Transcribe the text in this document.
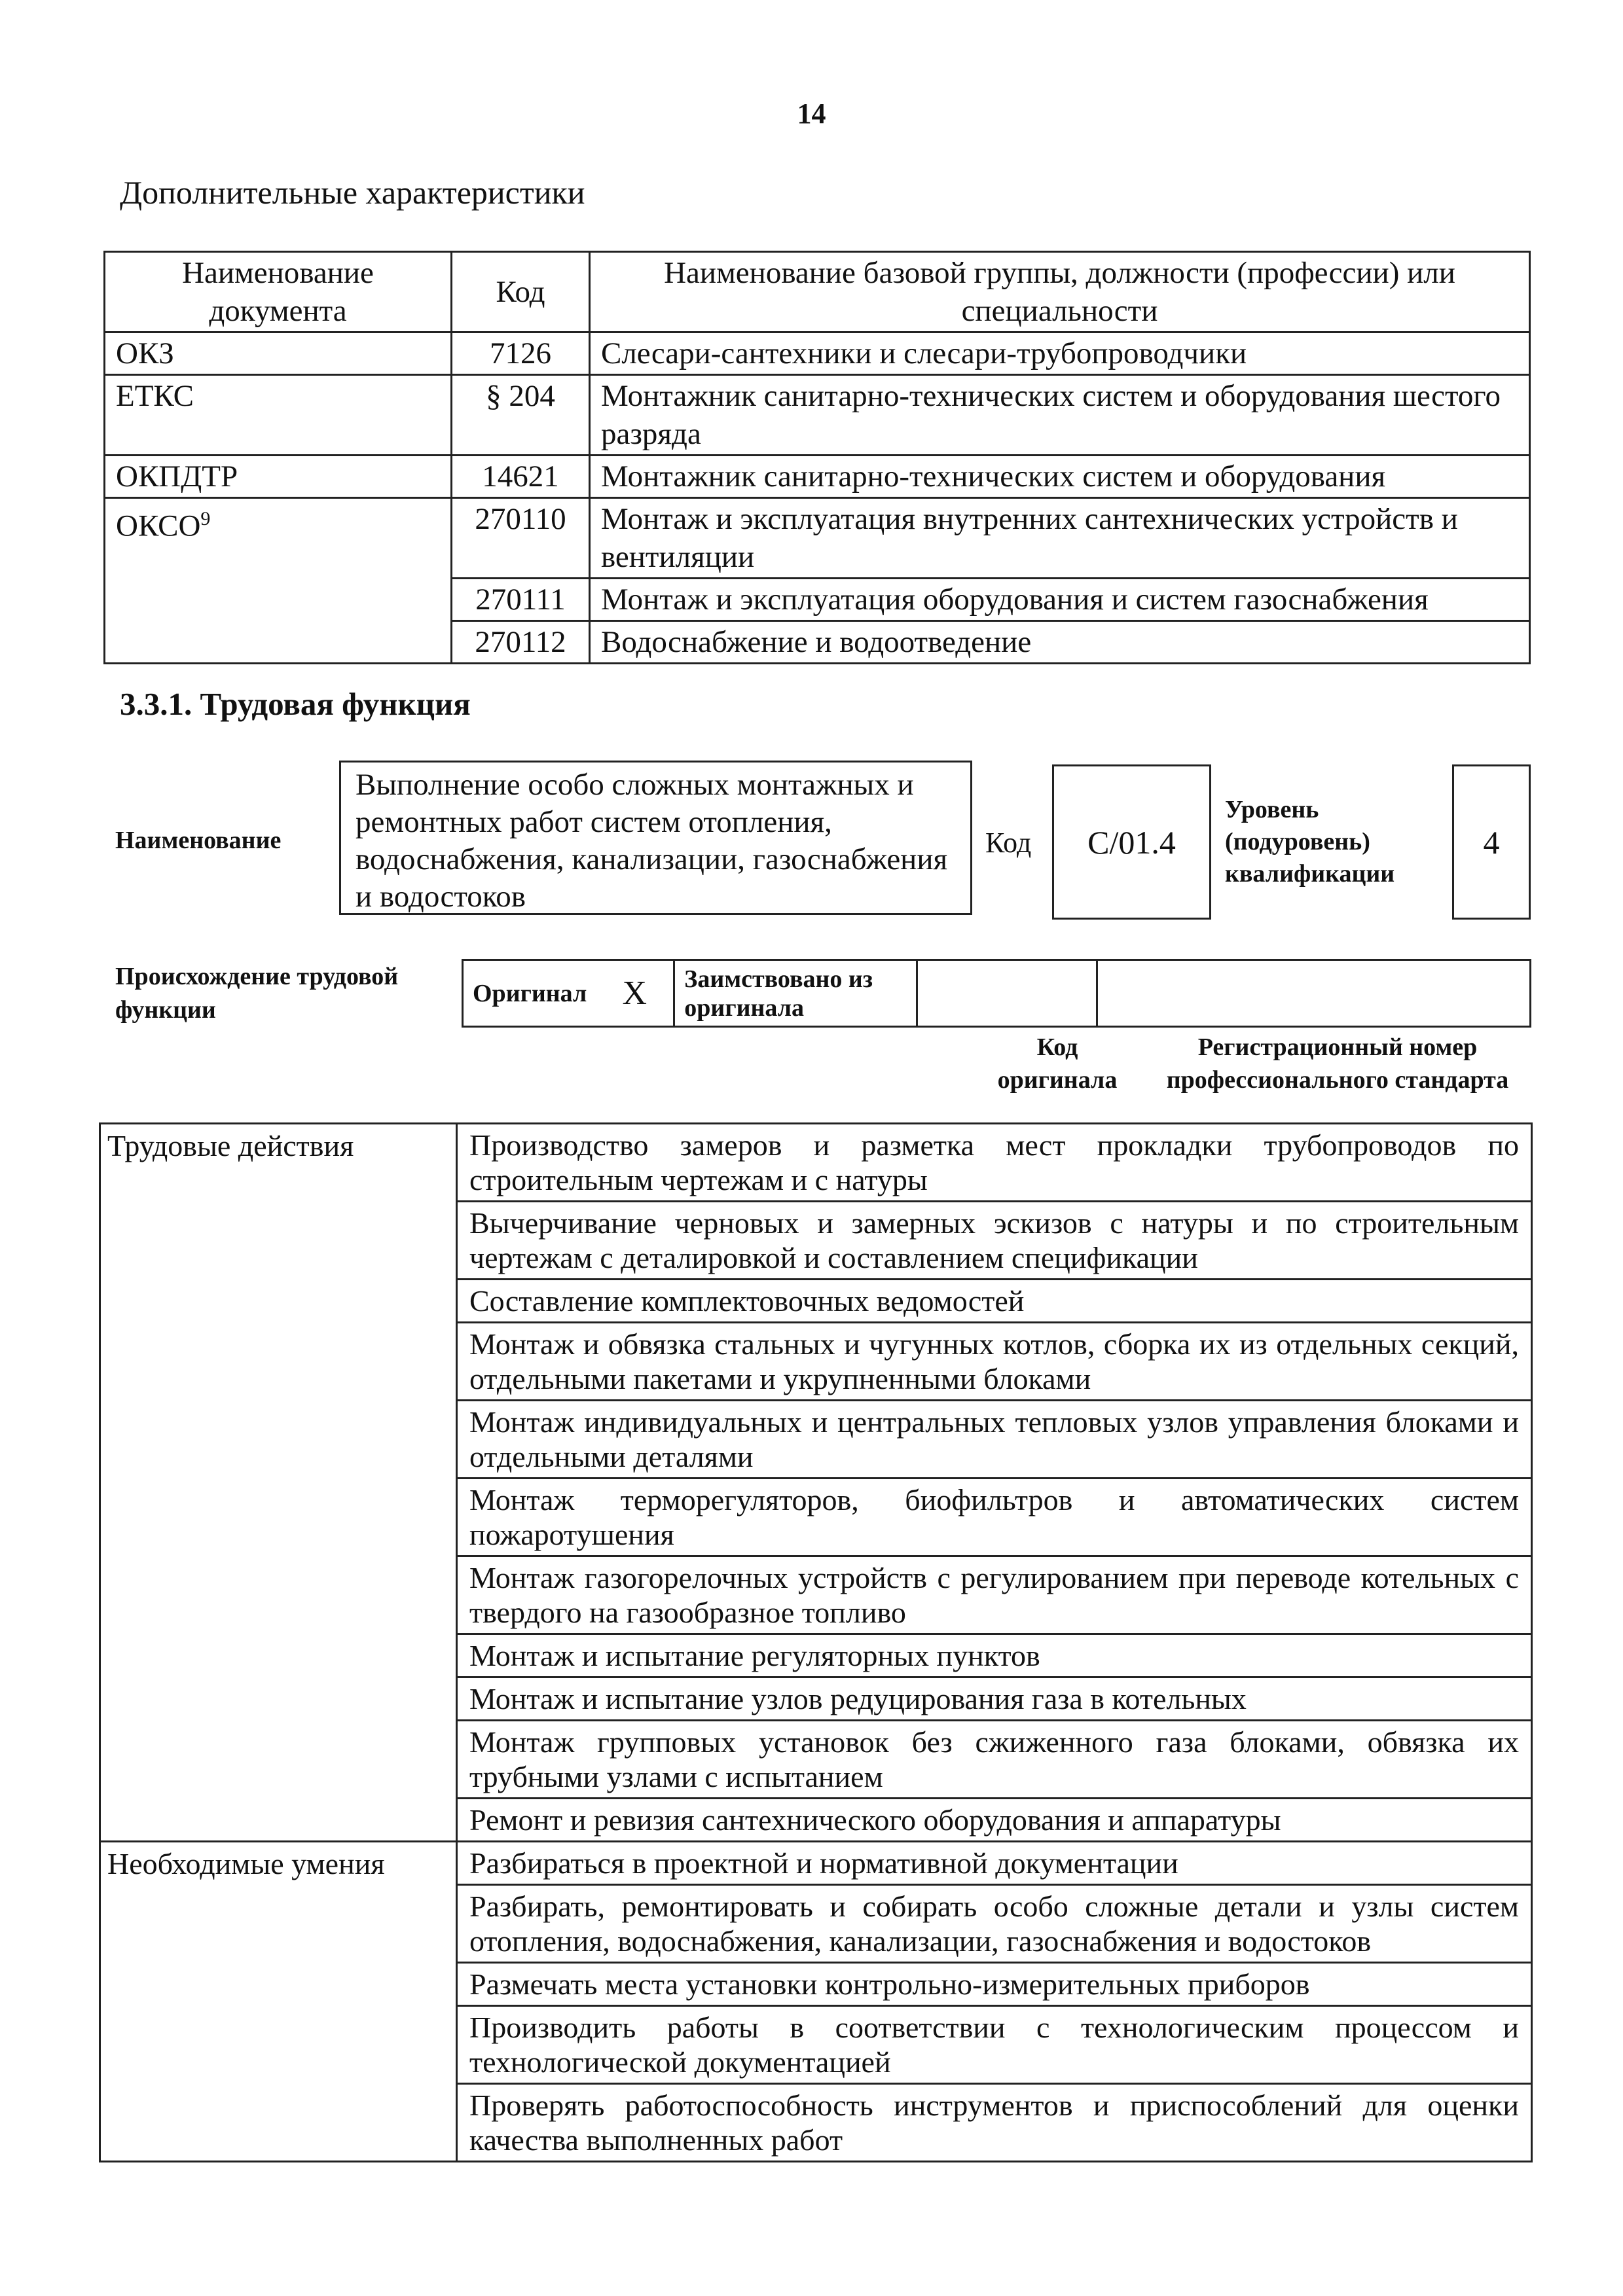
14
Дополнительные характеристики
Наименование документа	Код	Наименование базовой группы, должности (профессии) или специальности
ОКЗ	7126	Слесари-сантехники и слесари-трубопроводчики
ЕТКС	§ 204	Монтажник санитарно-технических систем и оборудования шестого разряда
ОКПДТР	14621	Монтажник санитарно-технических систем и оборудования
ОКСО$^9$	270110	Монтаж и эксплуатация внутренних сантехнических устройств и вентиляции
	270111	Монтаж и эксплуатация оборудования и систем газоснабжения
	270112	Водоснабжение и водоотведение
3.3.1. Трудовая функция
Наименование
Выполнение особо сложных монтажных и ремонтных работ систем отопления, водоснабжения, канализации, газоснабжения и водостоков
Код	C/01.4
Уровень (подуровень) квалификации
4
Происхождение трудовой функции
Оригинал	X	Заимствовано из оригинала		
Код оригинала
Регистрационный номер профессионального стандарта
Трудовые действия	Производство замеров и разметка мест прокладки трубопроводов по строительным чертежам и с натуры
	Вычерчивание черновых и замерных эскизов с натуры и по строительным чертежам с деталировкой и составлением спецификации
	Составление комплектовочных ведомостей
	Монтаж и обвязка стальных и чугунных котлов, сборка их из отдельных секций, отдельными пакетами и укрупненными блоками
	Монтаж индивидуальных и центральных тепловых узлов управления блоками и отдельными деталями
	Монтаж терморегуляторов, биофильтров и автоматических систем пожаротушения
	Монтаж газогорелочных устройств с регулированием при переводе котельных с твердого на газообразное топливо
	Монтаж и испытание регуляторных пунктов
	Монтаж и испытание узлов редуцирования газа в котельных
	Монтаж групповых установок без сжиженного газа блоками, обвязка их трубными узлами с испытанием
	Ремонт и ревизия сантехнического оборудования и аппаратуры
Необходимые умения	Разбираться в проектной и нормативной документации
	Разбирать, ремонтировать и собирать особо сложные детали и узлы систем отопления, водоснабжения, канализации, газоснабжения и водостоков
	Размечать места установки контрольно-измерительных приборов
	Производить работы в соответствии с технологическим процессом и технологической документацией
	Проверять работоспособность инструментов и приспособлений для оценки качества выполненных работ
